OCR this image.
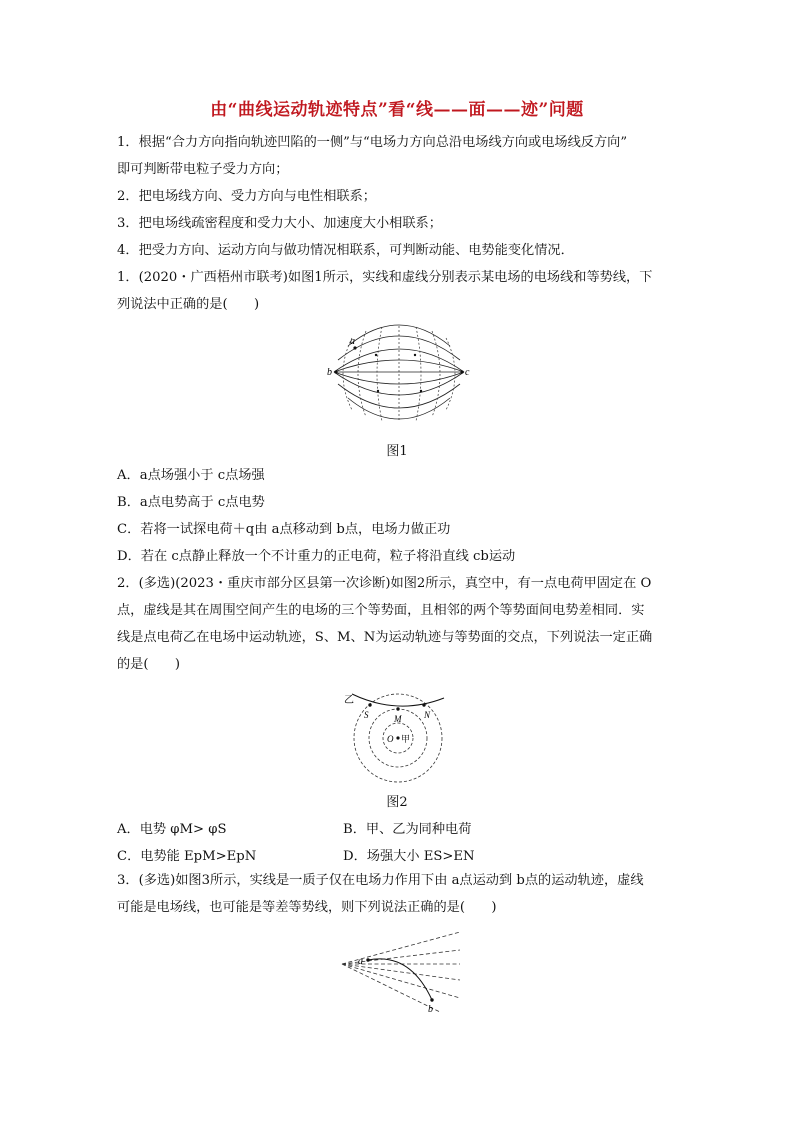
由“曲线运动轨迹特点”看“线——面——迹”问题
1．根据“合力方向指向轨迹凹陷的一侧”与“电场力方向总沿电场线方向或电场线反方向”
即可判断带电粒子受力方向；
2．把电场线方向、受力方向与电性相联系；
3．把电场线疏密程度和受力大小、加速度大小相联系；
4．把受力方向、运动方向与做功情况相联系，可判断动能、电势能变化情况．
1．(2020・广西梧州市联考)如图1所示，实线和虚线分别表示某电场的电场线和等势线，下
列说法中正确的是(　　)
a
b	c
图1
A．a点场强小于 c点场强
B．a点电势高于 c点电势
C．若将一试探电荷＋q由 a点移动到 b点，电场力做正功
D．若在 c点静止释放一个不计重力的正电荷，粒子将沿直线 cb运动
2．(多选)(2023・重庆市部分区县第一次诊断)如图2所示，真空中，有一点电荷甲固定在 O
点，虚线是其在周围空间产生的电场的三个等势面，且相邻的两个等势面间电势差相同．实
线是点电荷乙在电场中运动轨迹，S、M、N为运动轨迹与等势面的交点，下列说法一定正确
的是(　　)
乙
S	M	N
O 甲
图2
A．电势 φM> φS	B．甲、乙为同种电荷
C．电势能 EpM>EpN	D．场强大小 ES>EN
3．(多选)如图3所示，实线是一质子仅在电场力作用下由 a点运动到 b点的运动轨迹，虚线
可能是电场线，也可能是等差等势线，则下列说法正确的是(　　)
a
b
